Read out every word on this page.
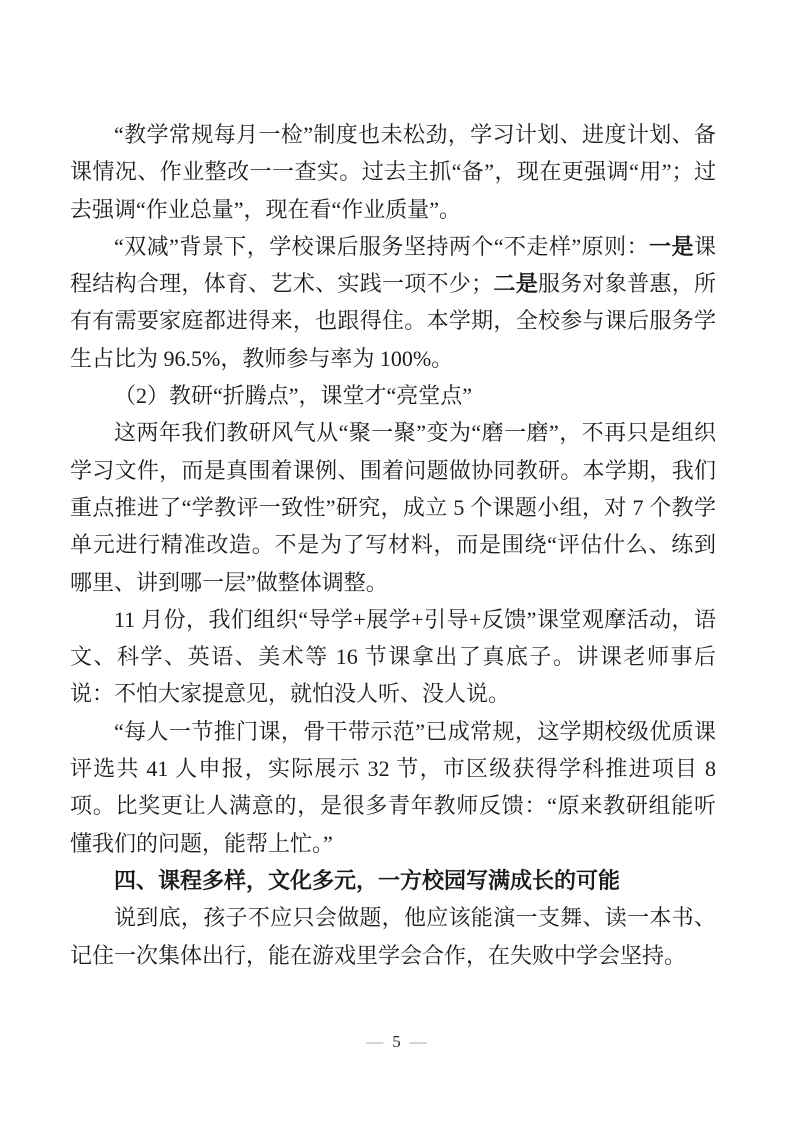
“教学常规每月一检”制度也未松劲，学习计划、进度计划、备课情况、作业整改一一查实。过去主抓“备”，现在更强调“用”；过去强调“作业总量”，现在看“作业质量”。

“双减”背景下，学校课后服务坚持两个“不走样”原则：一是课程结构合理，体育、艺术、实践一项不少；二是服务对象普惠，所有有需要家庭都进得来，也跟得住。本学期，全校参与课后服务学生占比为 96.5%，教师参与率为 100%。

（2）教研“折腾点”，课堂才“亮堂点”

这两年我们教研风气从“聚一聚”变为“磨一磨”，不再只是组织学习文件，而是真围着课例、围着问题做协同教研。本学期，我们重点推进了“学教评一致性”研究，成立 5 个课题小组，对 7 个教学单元进行精准改造。不是为了写材料，而是围绕“评估什么、练到哪里、讲到哪一层”做整体调整。

11 月份，我们组织“导学+展学+引导+反馈”课堂观摩活动，语文、科学、英语、美术等 16 节课拿出了真底子。讲课老师事后说：不怕大家提意见，就怕没人听、没人说。

“每人一节推门课，骨干带示范”已成常规，这学期校级优质课评选共 41 人申报，实际展示 32 节，市区级获得学科推进项目 8 项。比奖更让人满意的，是很多青年教师反馈：“原来教研组能听懂我们的问题，能帮上忙。”

四、课程多样，文化多元，一方校园写满成长的可能

说到底，孩子不应只会做题，他应该能演一支舞、读一本书、记住一次集体出行，能在游戏里学会合作，在失败中学会坚持。

— 5 —
